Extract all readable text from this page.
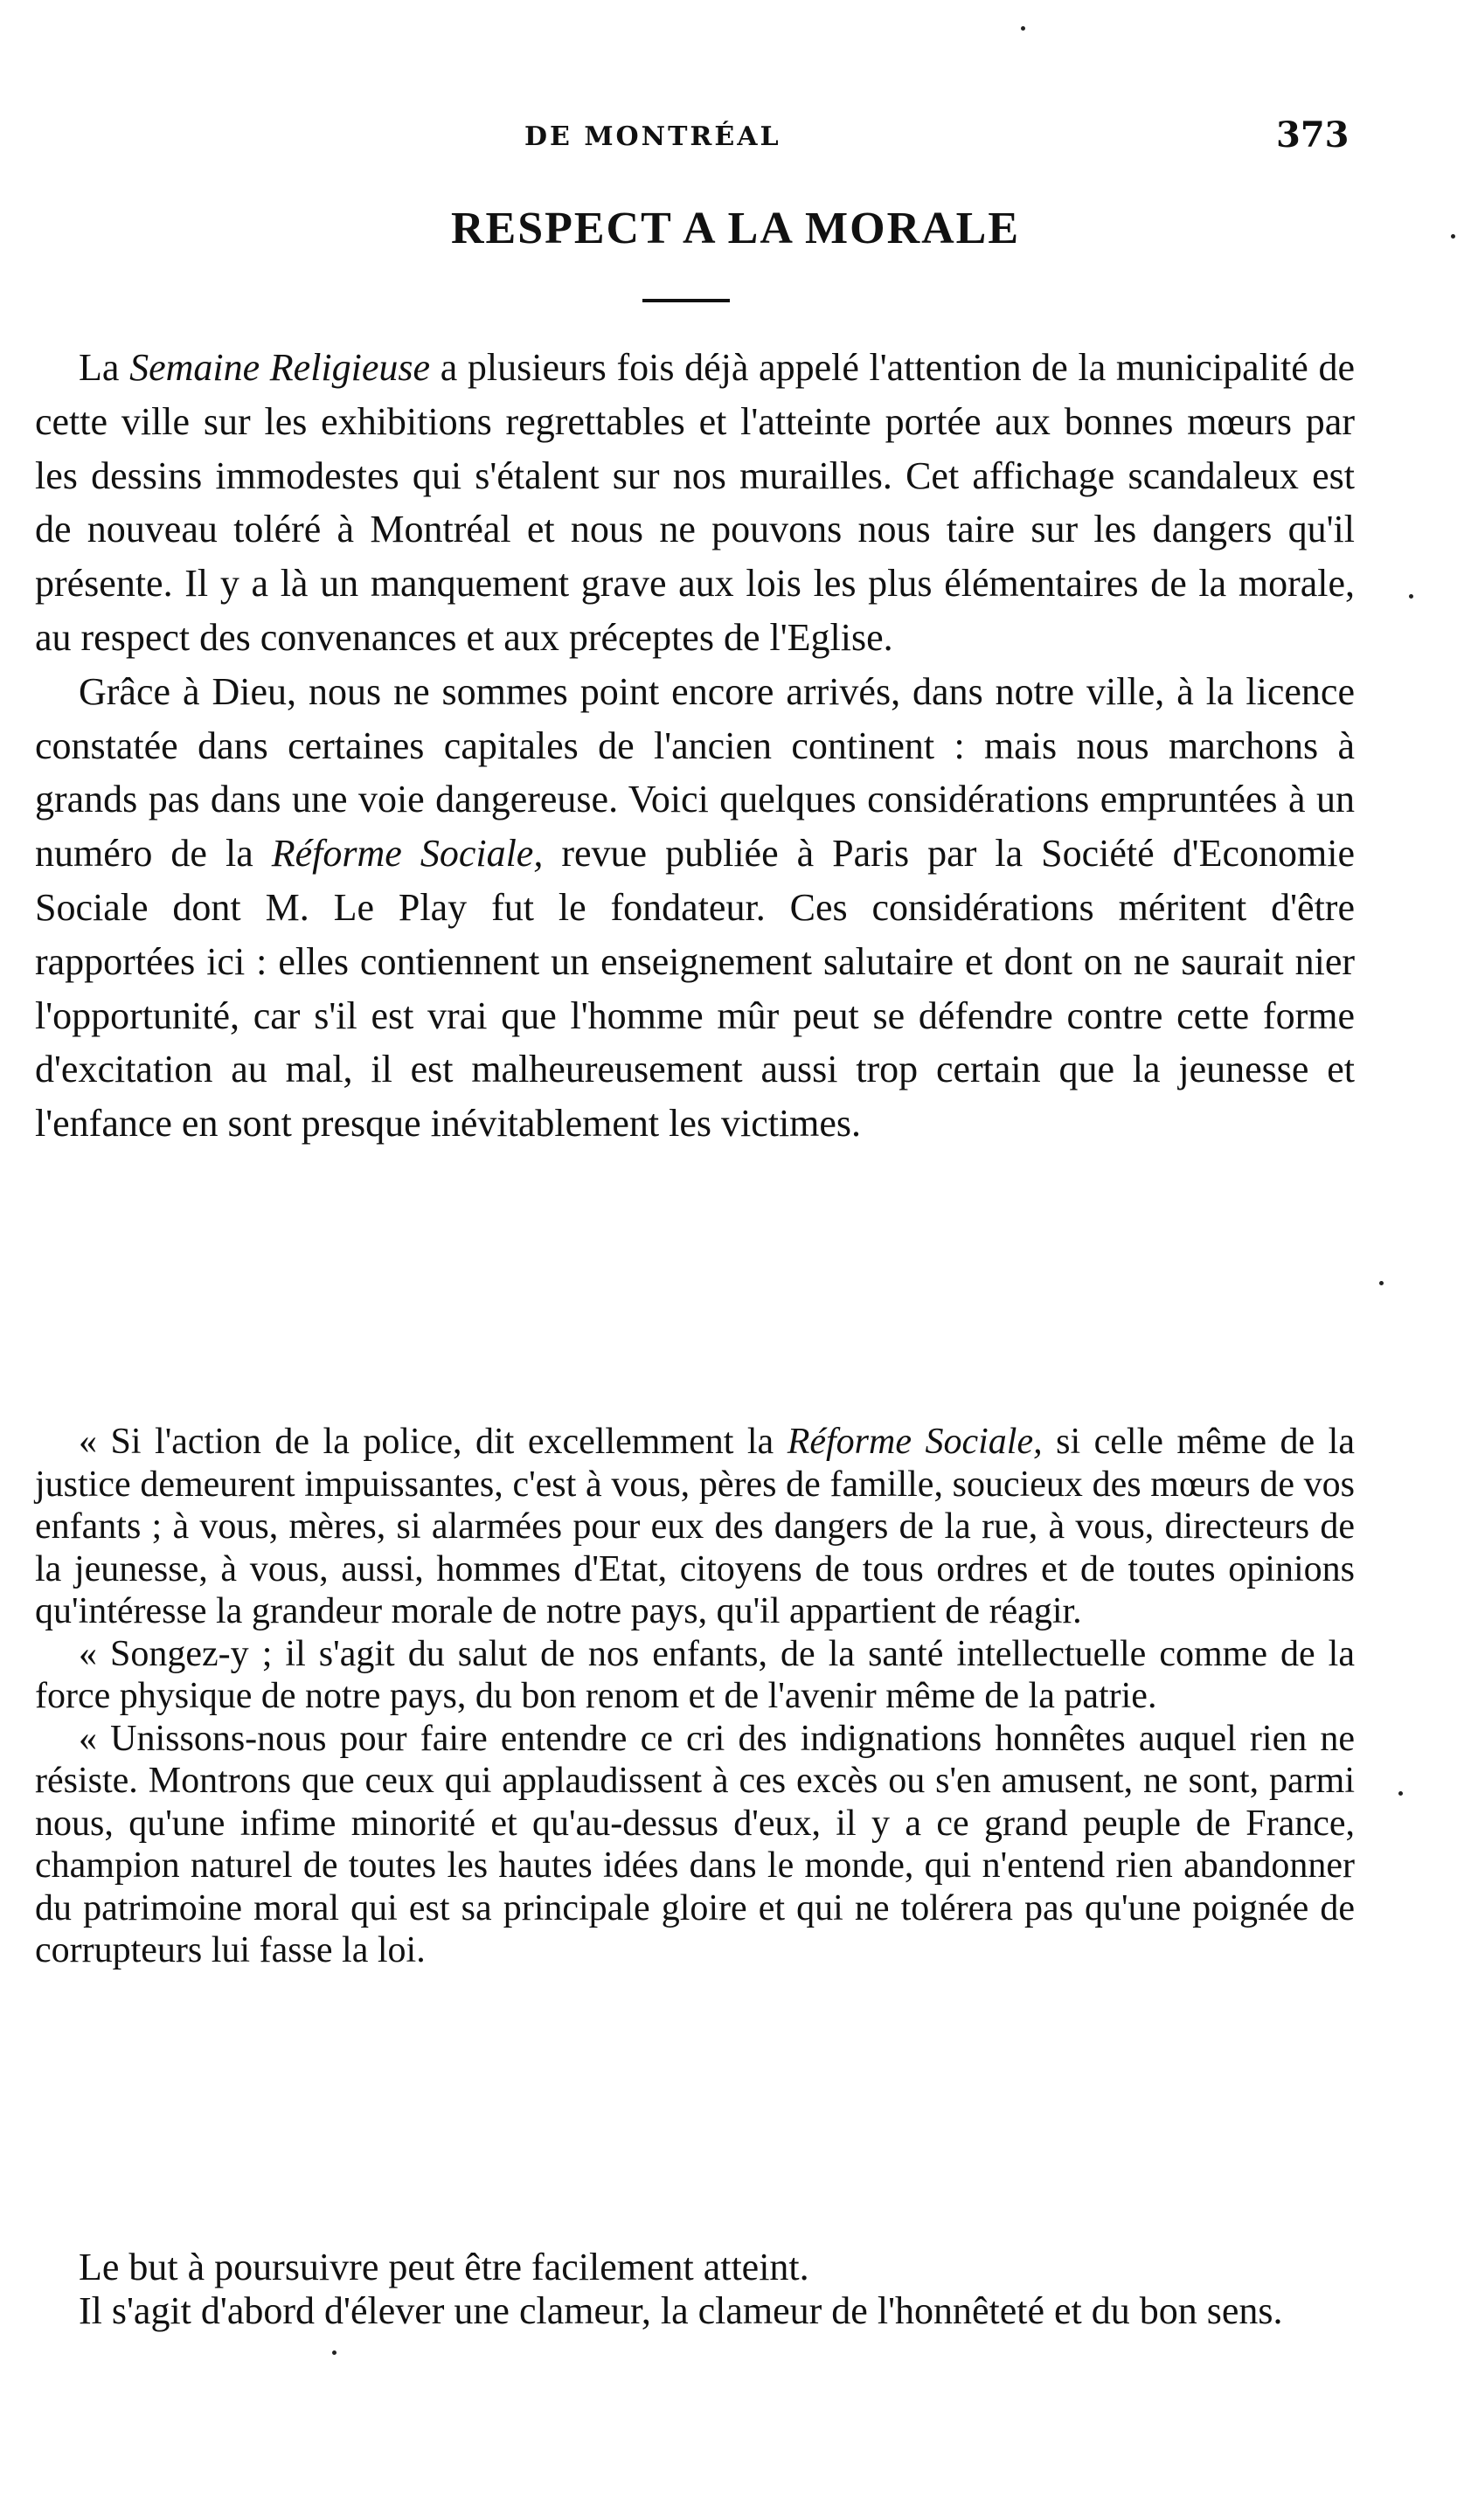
DE MONTRÉAL	373
RESPECT A LA MORALE

La Semaine Religieuse a plusieurs fois déjà appelé l'attention de la municipalité de cette ville sur les exhibitions regrettables et l'atteinte portée aux bonnes mœurs par les dessins immodestes qui s'étalent sur nos murailles. Cet affichage scandaleux est de nouveau toléré à Montréal et nous ne pouvons nous taire sur les dangers qu'il présente. Il y a là un manquement grave aux lois les plus élémentaires de la morale, au respect des convenances et aux préceptes de l'Eglise.

Grâce à Dieu, nous ne sommes point encore arrivés, dans notre ville, à la licence constatée dans certaines capitales de l'ancien continent : mais nous marchons à grands pas dans une voie dangereuse. Voici quelques considérations empruntées à un numéro de la Réforme Sociale, revue publiée à Paris par la Société d'Economie Sociale dont M. Le Play fut le fondateur. Ces considérations méritent d'être rapportées ici : elles contiennent un enseignement salutaire et dont on ne saurait nier l'opportunité, car s'il est vrai que l'homme mûr peut se défendre contre cette forme d'excitation au mal, il est malheureusement aussi trop certain que la jeunesse et l'enfance en sont presque inévitablement les victimes.

« Si l'action de la police, dit excellemment la Réforme Sociale, si celle même de la justice demeurent impuissantes, c'est à vous, pères de famille, soucieux des mœurs de vos enfants ; à vous, mères, si alarmées pour eux des dangers de la rue, à vous, directeurs de la jeunesse, à vous, aussi, hommes d'Etat, citoyens de tous ordres et de toutes opinions qu'intéresse la grandeur morale de notre pays, qu'il appartient de réagir.

« Songez-y ; il s'agit du salut de nos enfants, de la santé intellectuelle comme de la force physique de notre pays, du bon renom et de l'avenir même de la patrie.

« Unissons-nous pour faire entendre ce cri des indignations honnêtes auquel rien ne résiste. Montrons que ceux qui applaudissent à ces excès ou s'en amusent, ne sont, parmi nous, qu'une infime minorité et qu'au-dessus d'eux, il y a ce grand peuple de France, champion naturel de toutes les hautes idées dans le monde, qui n'entend rien abandonner du patrimoine moral qui est sa principale gloire et qui ne tolérera pas qu'une poignée de corrupteurs lui fasse la loi.

Le but à poursuivre peut être facilement atteint.

Il s'agit d'abord d'élever une clameur, la clameur de l'honnêteté et du bon sens.
